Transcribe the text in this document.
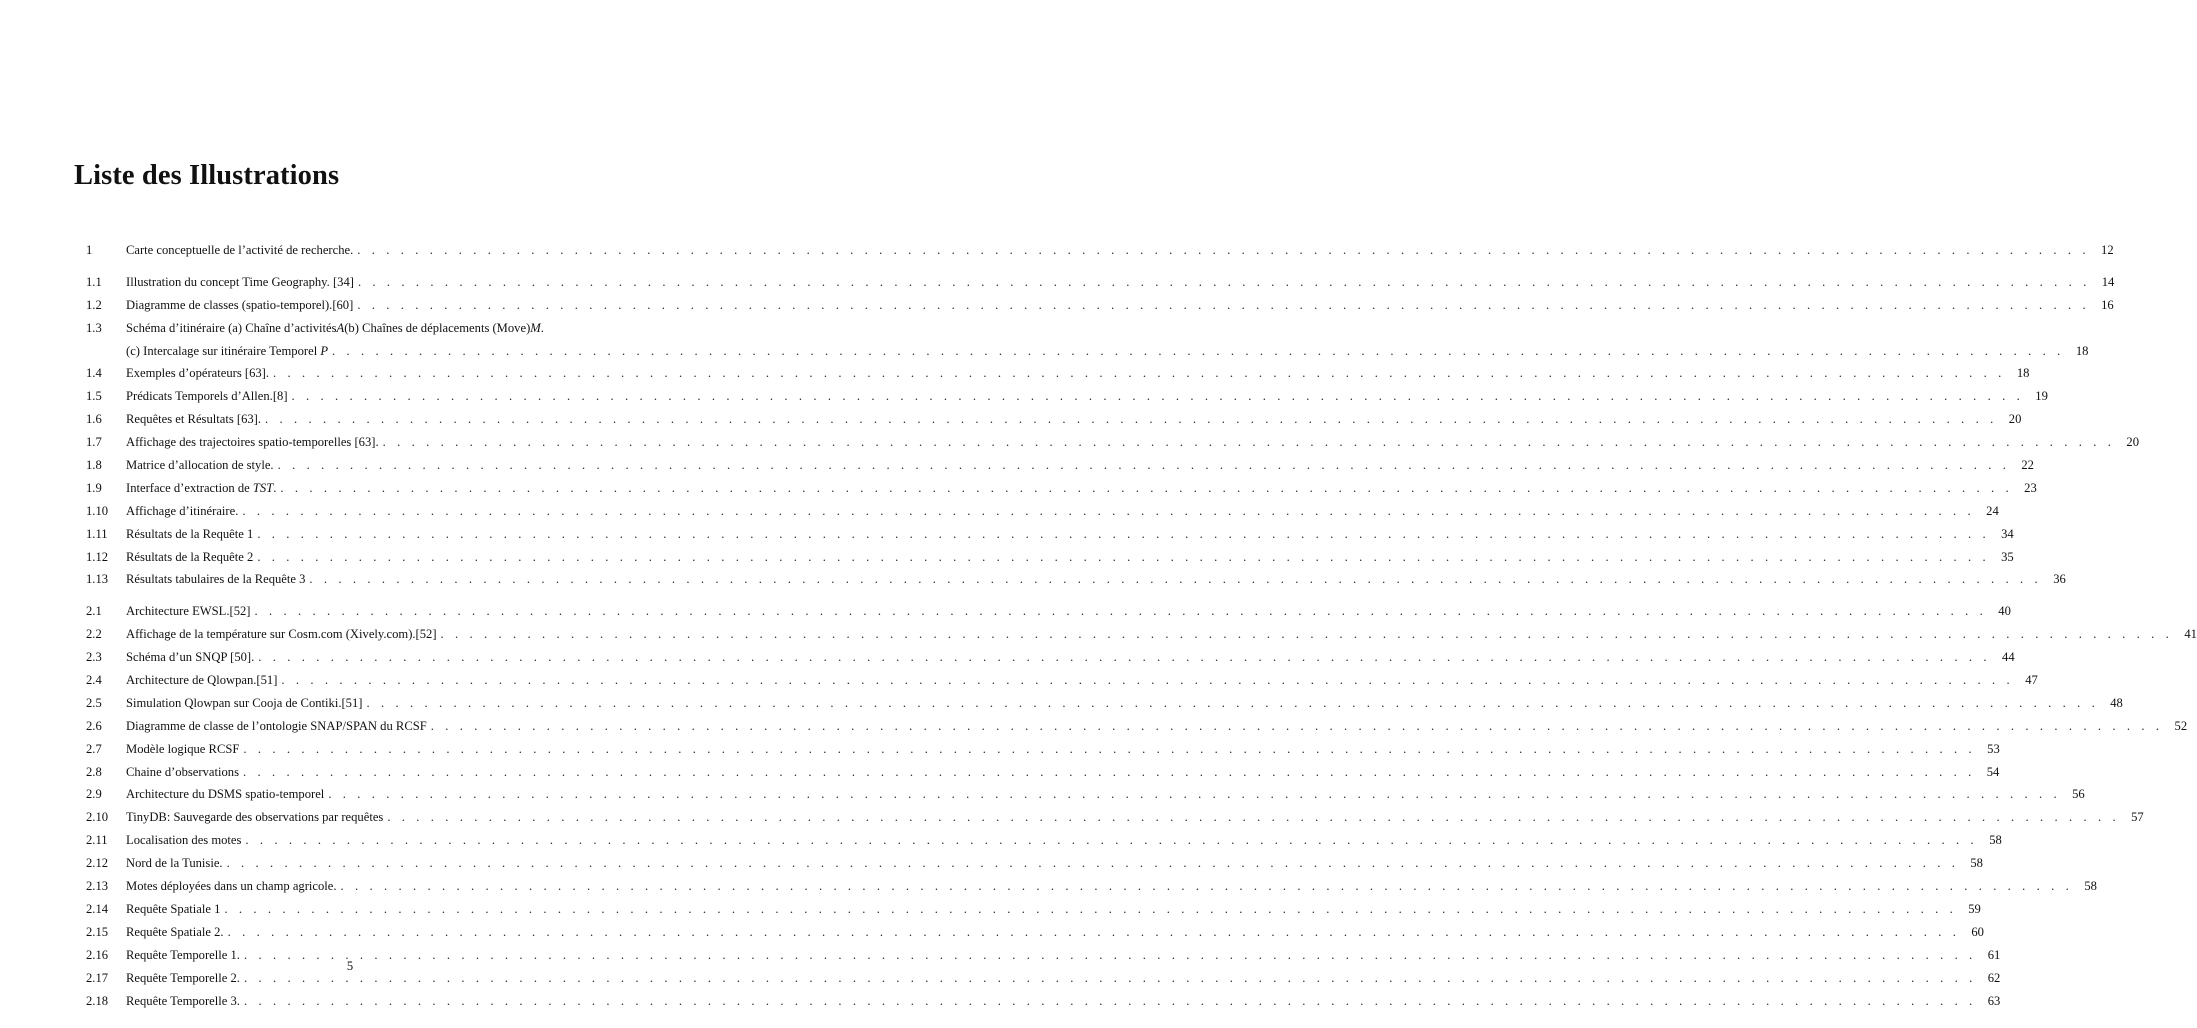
Liste des Illustrations
1	Carte conceptuelle de l’activité de recherche. . . . . . . . . . . . . . . . . . . . . . . . . . . . . . . . . . . . . . . . . . . . . . . . . . . . . . . . . . . . . . . . . . . . . . . . . . . . . . . . . . . . . . . . . . . . . . . . . . . . . . . . . . . . . . . . . . . . . . . . . 12
1.1	Illustration du concept Time Geography. [34] . . . . . . . . . . . . . . . . . . . . . . . . . . . . . . . . . . . . . . . . . . . . . . . . . . . . . . . . . . . . . . . . . . . . . . . . . . . . . . . . . . . . . . . . . . . . . . . . . . . . . . . . . . . . . . . . . . . . . . . . 14
1.2	Diagramme de classes (spatio-temporel).[60] . . . . . . . . . . . . . . . . . . . . . . . . . . . . . . . . . . . . . . . . . . . . . . . . . . . . . . . . . . . . . . . . . . . . . . . . . . . . . . . . . . . . . . . . . . . . . . . . . . . . . . . . . . . . . . . . . . . . . . . . 16
1.3	Schéma d’itinéraire (a) Chaîne d’activités A (b) Chaînes de déplacements (Move) M .
(c) Intercalage sur itinéraire Temporel P . . . . . . . . . . . . . . . . . . . . . . . . . . . . . . . . . . . . . . . . . . . . . . . . . . . . . . . . . . . . . . . . . . . . . . . . . . . . . . . . . . . . . . . . . . . . . . . . . . . . . . . . . . . . . . . . . . . . . . . . 18
1.4	Exemples d’opérateurs [63]. . . . . . . . . . . . . . . . . . . . . . . . . . . . . . . . . . . . . . . . . . . . . . . . . . . . . . . . . . . . . . . . . . . . . . . . . . . . . . . . . . . . . . . . . . . . . . . . . . . . . . . . . . . . . . . . . . . . . . . . . 18
1.5	Prédicats Temporels d’Allen.[8] . . . . . . . . . . . . . . . . . . . . . . . . . . . . . . . . . . . . . . . . . . . . . . . . . . . . . . . . . . . . . . . . . . . . . . . . . . . . . . . . . . . . . . . . . . . . . . . . . . . . . . . . . . . . . . . . . . . . . . . . 19
1.6	Requêtes et Résultats [63]. . . . . . . . . . . . . . . . . . . . . . . . . . . . . . . . . . . . . . . . . . . . . . . . . . . . . . . . . . . . . . . . . . . . . . . . . . . . . . . . . . . . . . . . . . . . . . . . . . . . . . . . . . . . . . . . . . . . . . . . . 20
1.7	Affichage des trajectoires spatio-temporelles [63]. . . . . . . . . . . . . . . . . . . . . . . . . . . . . . . . . . . . . . . . . . . . . . . . . . . . . . . . . . . . . . . . . . . . . . . . . . . . . . . . . . . . . . . . . . . . . . . . . . . . . . . . . . . . . . . . . . . . . . . . . 20
1.8	Matrice d’allocation de style. . . . . . . . . . . . . . . . . . . . . . . . . . . . . . . . . . . . . . . . . . . . . . . . . . . . . . . . . . . . . . . . . . . . . . . . . . . . . . . . . . . . . . . . . . . . . . . . . . . . . . . . . . . . . . . . . . . . . . . . . 22
1.9	Interface d’extraction de TST. . . . . . . . . . . . . . . . . . . . . . . . . . . . . . . . . . . . . . . . . . . . . . . . . . . . . . . . . . . . . . . . . . . . . . . . . . . . . . . . . . . . . . . . . . . . . . . . . . . . . . . . . . . . . . . . . . . . . . . . . 23
1.10	Affichage d’itinéraire. . . . . . . . . . . . . . . . . . . . . . . . . . . . . . . . . . . . . . . . . . . . . . . . . . . . . . . . . . . . . . . . . . . . . . . . . . . . . . . . . . . . . . . . . . . . . . . . . . . . . . . . . . . . . . . . . . . . . . . . . 24
1.11	Résultats de la Requête 1 . . . . . . . . . . . . . . . . . . . . . . . . . . . . . . . . . . . . . . . . . . . . . . . . . . . . . . . . . . . . . . . . . . . . . . . . . . . . . . . . . . . . . . . . . . . . . . . . . . . . . . . . . . . . . . . . . . . . . . . . 34
1.12	Résultats de la Requête 2 . . . . . . . . . . . . . . . . . . . . . . . . . . . . . . . . . . . . . . . . . . . . . . . . . . . . . . . . . . . . . . . . . . . . . . . . . . . . . . . . . . . . . . . . . . . . . . . . . . . . . . . . . . . . . . . . . . . . . . . . 35
1.13	Résultats tabulaires de la Requête 3 . . . . . . . . . . . . . . . . . . . . . . . . . . . . . . . . . . . . . . . . . . . . . . . . . . . . . . . . . . . . . . . . . . . . . . . . . . . . . . . . . . . . . . . . . . . . . . . . . . . . . . . . . . . . . . . . . . . . . . . . 36
2.1	Architecture EWSL.[52] . . . . . . . . . . . . . . . . . . . . . . . . . . . . . . . . . . . . . . . . . . . . . . . . . . . . . . . . . . . . . . . . . . . . . . . . . . . . . . . . . . . . . . . . . . . . . . . . . . . . . . . . . . . . . . . . . . . . . . . . 40
2.2	Affichage de la température sur Cosm.com (Xively.com).[52] . . . . . . . . . . . . . . . . . . . . . . . . . . . . . . . . . . . . . . . . . . . . . . . . . . . . . . . . . . . . . . . . . . . . . . . . . . . . . . . . . . . . . . . . . . . . . . . . . . . . . . . . . . . . . . . . . . . . . . . . 41
2.3	Schéma d’un SNQP [50]. . . . . . . . . . . . . . . . . . . . . . . . . . . . . . . . . . . . . . . . . . . . . . . . . . . . . . . . . . . . . . . . . . . . . . . . . . . . . . . . . . . . . . . . . . . . . . . . . . . . . . . . . . . . . . . . . . . . . . . . . 44
2.4	Architecture de Qlowpan.[51] . . . . . . . . . . . . . . . . . . . . . . . . . . . . . . . . . . . . . . . . . . . . . . . . . . . . . . . . . . . . . . . . . . . . . . . . . . . . . . . . . . . . . . . . . . . . . . . . . . . . . . . . . . . . . . . . . . . . . . . . 47
2.5	Simulation Qlowpan sur Cooja de Contiki.[51] . . . . . . . . . . . . . . . . . . . . . . . . . . . . . . . . . . . . . . . . . . . . . . . . . . . . . . . . . . . . . . . . . . . . . . . . . . . . . . . . . . . . . . . . . . . . . . . . . . . . . . . . . . . . . . . . . . . . . . . . 48
2.6	Diagramme de classe de l’ontologie SNAP/SPAN du RCSF . . . . . . . . . . . . . . . . . . . . . . . . . . . . . . . . . . . . . . . . . . . . . . . . . . . . . . . . . . . . . . . . . . . . . . . . . . . . . . . . . . . . . . . . . . . . . . . . . . . . . . . . . . . . . . . . . . . . . . . . 52
2.7	Modèle logique RCSF . . . . . . . . . . . . . . . . . . . . . . . . . . . . . . . . . . . . . . . . . . . . . . . . . . . . . . . . . . . . . . . . . . . . . . . . . . . . . . . . . . . . . . . . . . . . . . . . . . . . . . . . . . . . . . . . . . . . . . . . 53
2.8	Chaine d’observations . . . . . . . . . . . . . . . . . . . . . . . . . . . . . . . . . . . . . . . . . . . . . . . . . . . . . . . . . . . . . . . . . . . . . . . . . . . . . . . . . . . . . . . . . . . . . . . . . . . . . . . . . . . . . . . . . . . . . . . . 54
2.9	Architecture du DSMS spatio-temporel . . . . . . . . . . . . . . . . . . . . . . . . . . . . . . . . . . . . . . . . . . . . . . . . . . . . . . . . . . . . . . . . . . . . . . . . . . . . . . . . . . . . . . . . . . . . . . . . . . . . . . . . . . . . . . . . . . . . . . . . 56
2.10	TinyDB: Sauvegarde des observations par requêtes . . . . . . . . . . . . . . . . . . . . . . . . . . . . . . . . . . . . . . . . . . . . . . . . . . . . . . . . . . . . . . . . . . . . . . . . . . . . . . . . . . . . . . . . . . . . . . . . . . . . . . . . . . . . . . . . . . . . . . . . 57
2.11	Localisation des motes . . . . . . . . . . . . . . . . . . . . . . . . . . . . . . . . . . . . . . . . . . . . . . . . . . . . . . . . . . . . . . . . . . . . . . . . . . . . . . . . . . . . . . . . . . . . . . . . . . . . . . . . . . . . . . . . . . . . . . . . 58
2.12	Nord de la Tunisie. . . . . . . . . . . . . . . . . . . . . . . . . . . . . . . . . . . . . . . . . . . . . . . . . . . . . . . . . . . . . . . . . . . . . . . . . . . . . . . . . . . . . . . . . . . . . . . . . . . . . . . . . . . . . . . . . . . . . . . . . 58
2.13	Motes déployées dans un champ agricole. . . . . . . . . . . . . . . . . . . . . . . . . . . . . . . . . . . . . . . . . . . . . . . . . . . . . . . . . . . . . . . . . . . . . . . . . . . . . . . . . . . . . . . . . . . . . . . . . . . . . . . . . . . . . . . . . . . . . . . . . 58
2.14	Requête Spatiale 1 . . . . . . . . . . . . . . . . . . . . . . . . . . . . . . . . . . . . . . . . . . . . . . . . . . . . . . . . . . . . . . . . . . . . . . . . . . . . . . . . . . . . . . . . . . . . . . . . . . . . . . . . . . . . . . . . . . . . . . . . 59
2.15	Requête Spatiale 2. . . . . . . . . . . . . . . . . . . . . . . . . . . . . . . . . . . . . . . . . . . . . . . . . . . . . . . . . . . . . . . . . . . . . . . . . . . . . . . . . . . . . . . . . . . . . . . . . . . . . . . . . . . . . . . . . . . . . . . . . 60
2.16	Requête Temporelle 1. . . . . . . . . . . . . . . . . . . . . . . . . . . . . . . . . . . . . . . . . . . . . . . . . . . . . . . . . . . . . . . . . . . . . . . . . . . . . . . . . . . . . . . . . . . . . . . . . . . . . . . . . . . . . . . . . . . . . . . . . 61
2.17	Requête Temporelle 2. . . . . . . . . . . . . . . . . . . . . . . . . . . . . . . . . . . . . . . . . . . . . . . . . . . . . . . . . . . . . . . . . . . . . . . . . . . . . . . . . . . . . . . . . . . . . . . . . . . . . . . . . . . . . . . . . . . . . . . . . 62
2.18	Requête Temporelle 3. . . . . . . . . . . . . . . . . . . . . . . . . . . . . . . . . . . . . . . . . . . . . . . . . . . . . . . . . . . . . . . . . . . . . . . . . . . . . . . . . . . . . . . . . . . . . . . . . . . . . . . . . . . . . . . . . . . . . . . . . 63
5
